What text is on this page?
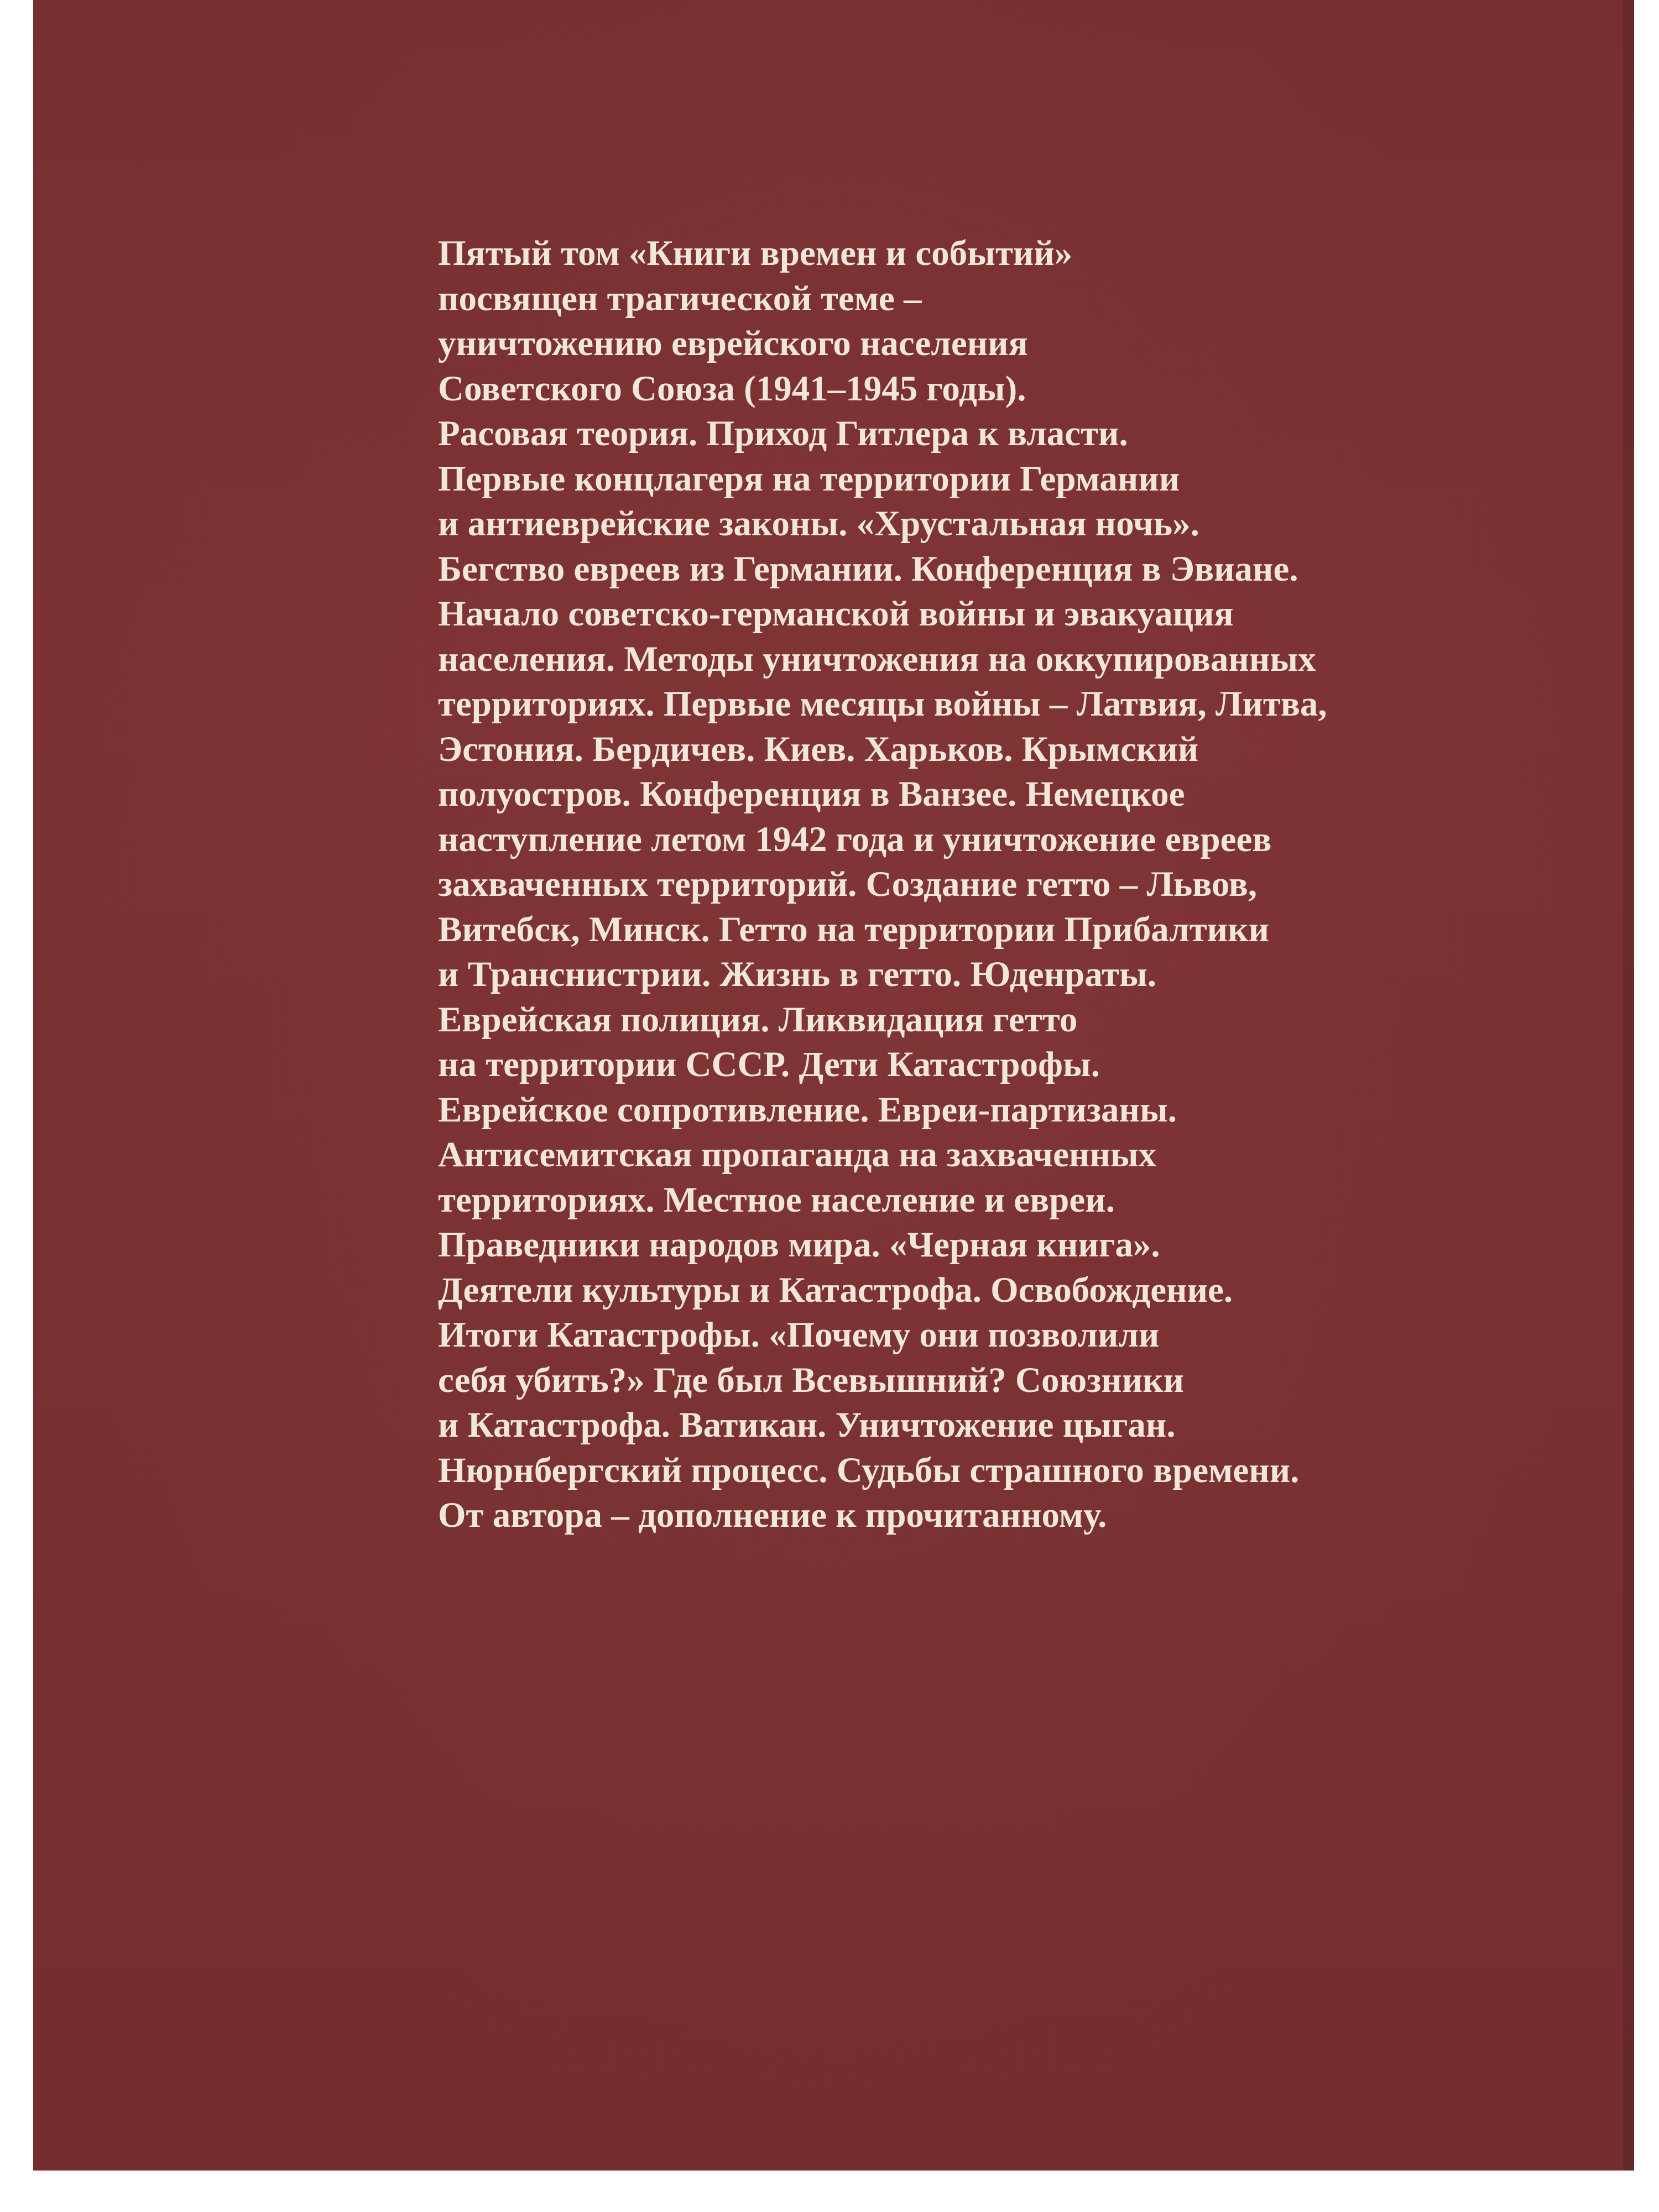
Пятый том «Книги времен и событий»
посвящен трагической теме –
уничтожению еврейского населения
Советского Союза (1941–1945 годы).
Расовая теория. Приход Гитлера к власти.
Первые концлагеря на территории Германии
и антиеврейские законы. «Хрустальная ночь».
Бегство евреев из Германии. Конференция в Эвиане.
Начало советско-германской войны и эвакуация
населения. Методы уничтожения на оккупированных
территориях. Первые месяцы войны – Латвия, Литва,
Эстония. Бердичев. Киев. Харьков. Крымский
полуостров. Конференция в Ванзее. Немецкое
наступление летом 1942 года и уничтожение евреев
захваченных территорий. Создание гетто – Львов,
Витебск, Минск. Гетто на территории Прибалтики
и Транснистрии. Жизнь в гетто. Юденраты.
Еврейская полиция. Ликвидация гетто
на территории СССР. Дети Катастрофы.
Еврейское сопротивление. Евреи-партизаны.
Антисемитская пропаганда на захваченных
территориях. Местное население и евреи.
Праведники народов мира. «Черная книга».
Деятели культуры и Катастрофа. Освобождение.
Итоги Катастрофы. «Почему они позволили
себя убить?» Где был Всевышний? Союзники
и Катастрофа. Ватикан. Уничтожение цыган.
Нюрнбергский процесс. Судьбы страшного времени.
От автора – дополнение к прочитанному.
